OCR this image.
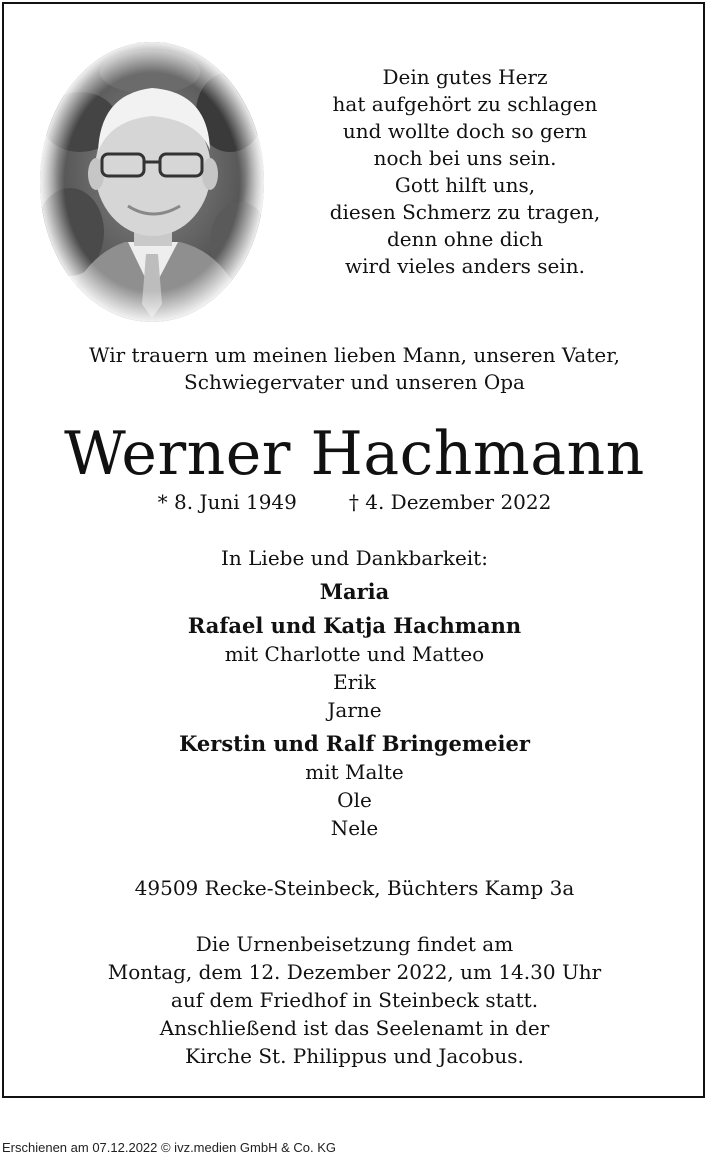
Dein gutes Herz
hat aufgehört zu schlagen
und wollte doch so gern
noch bei uns sein.
Gott hilft uns,
diesen Schmerz zu tragen,
denn ohne dich
wird vieles anders sein.
Wir trauern um meinen lieben Mann, unseren Vater,
Schwiegervater und unseren Opa
Werner Hachmann
* 8. Juni 1949	† 4. Dezember 2022
In Liebe und Dankbarkeit:
Maria
Rafael und Katja Hachmann
mit Charlotte und Matteo
Erik
Jarne
Kerstin und Ralf Bringemeier
mit Malte
Ole
Nele
49509 Recke-Steinbeck, Büchters Kamp 3a
Die Urnenbeisetzung findet am
Montag, dem 12. Dezember 2022, um 14.30 Uhr
auf dem Friedhof in Steinbeck statt.
Anschließend ist das Seelenamt in der
Kirche St. Philippus und Jacobus.
Erschienen am 07.12.2022 © ivz.medien GmbH & Co. KG
